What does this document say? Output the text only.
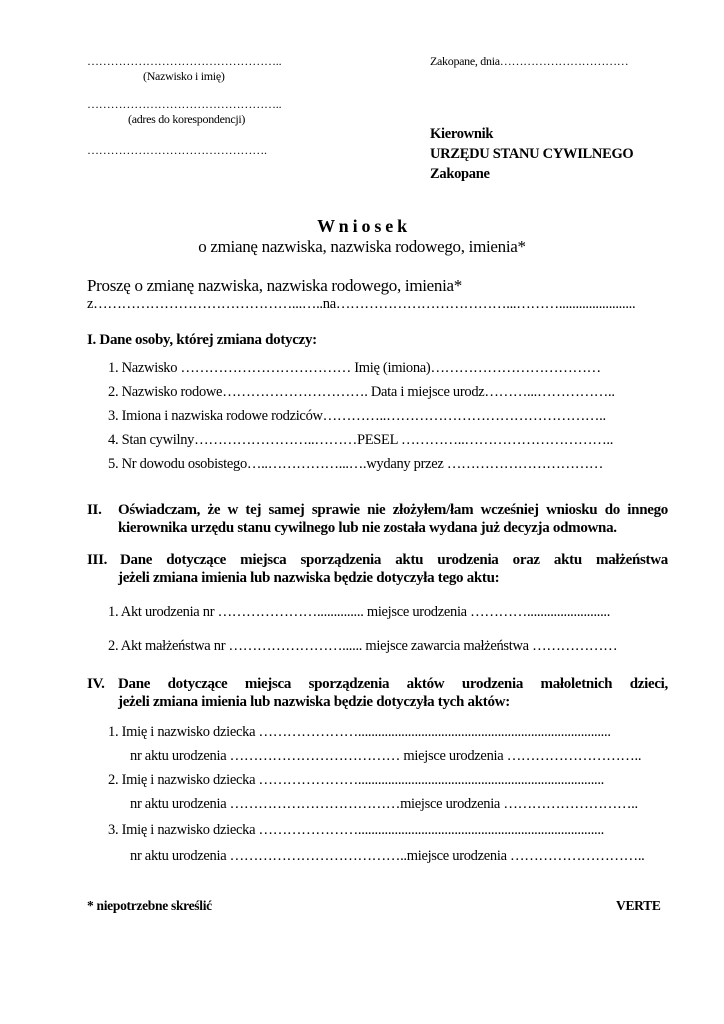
…………………………………………..
(Nazwisko i imię)
…………………………………………..
(adres do korespondencji)
……………………………………….
Zakopane, dnia……………………………
Kierownik
URZĘDU STANU CYWILNEGO
Zakopane
W n i o s e k
o zmianę nazwiska, nazwiska rodowego, imienia*
Proszę o zmianę nazwiska, nazwiska rodowego, imienia*
z……………………………………...…..na………………………………...……….......................
I. Dane osoby, której zmiana dotyczy:
1. Nazwisko ……………………………… Imię (imiona)………………………………
2. Nazwisko rodowe…………………………. Data i miejsce urodz………...……………..
3. Imiona i nazwiska rodowe rodziców…………..………………………………………..
4. Stan cywilny……………………..………PESEL …………..…………………………..
5. Nr dowodu osobistego…..……………...….wydany przez ……………………………
II. Oświadczam, że w tej samej sprawie nie złożyłem/łam wcześniej wniosku do innego
kierownika urzędu stanu cywilnego lub nie została wydana już decyzja odmowna.
III. Dane dotyczące miejsca sporządzenia aktu urodzenia oraz aktu małżeństwa
jeżeli zmiana imienia lub nazwiska będzie dotyczyła tego aktu:
1. Akt urodzenia nr ………………….............. miejsce urodzenia ………….........................
2. Akt małżeństwa nr ……………………...... miejsce zawarcia małżeństwa ………………
IV. Dane dotyczące miejsca sporządzenia aktów urodzenia małoletnich dzieci,
jeżeli zmiana imienia lub nazwiska będzie dotyczyła tych aktów:
1. Imię i nazwisko dziecka …………………............................................................................
nr aktu urodzenia ……………………………… miejsce urodzenia ………………………..
2. Imię i nazwisko dziecka …………………..........................................................................
nr aktu urodzenia ………………………………miejsce urodzenia ………………………..
3. Imię i nazwisko dziecka …………………..........................................................................
nr aktu urodzenia ………………………………..miejsce urodzenia ………………………..
* niepotrzebne skreślić	VERTE
